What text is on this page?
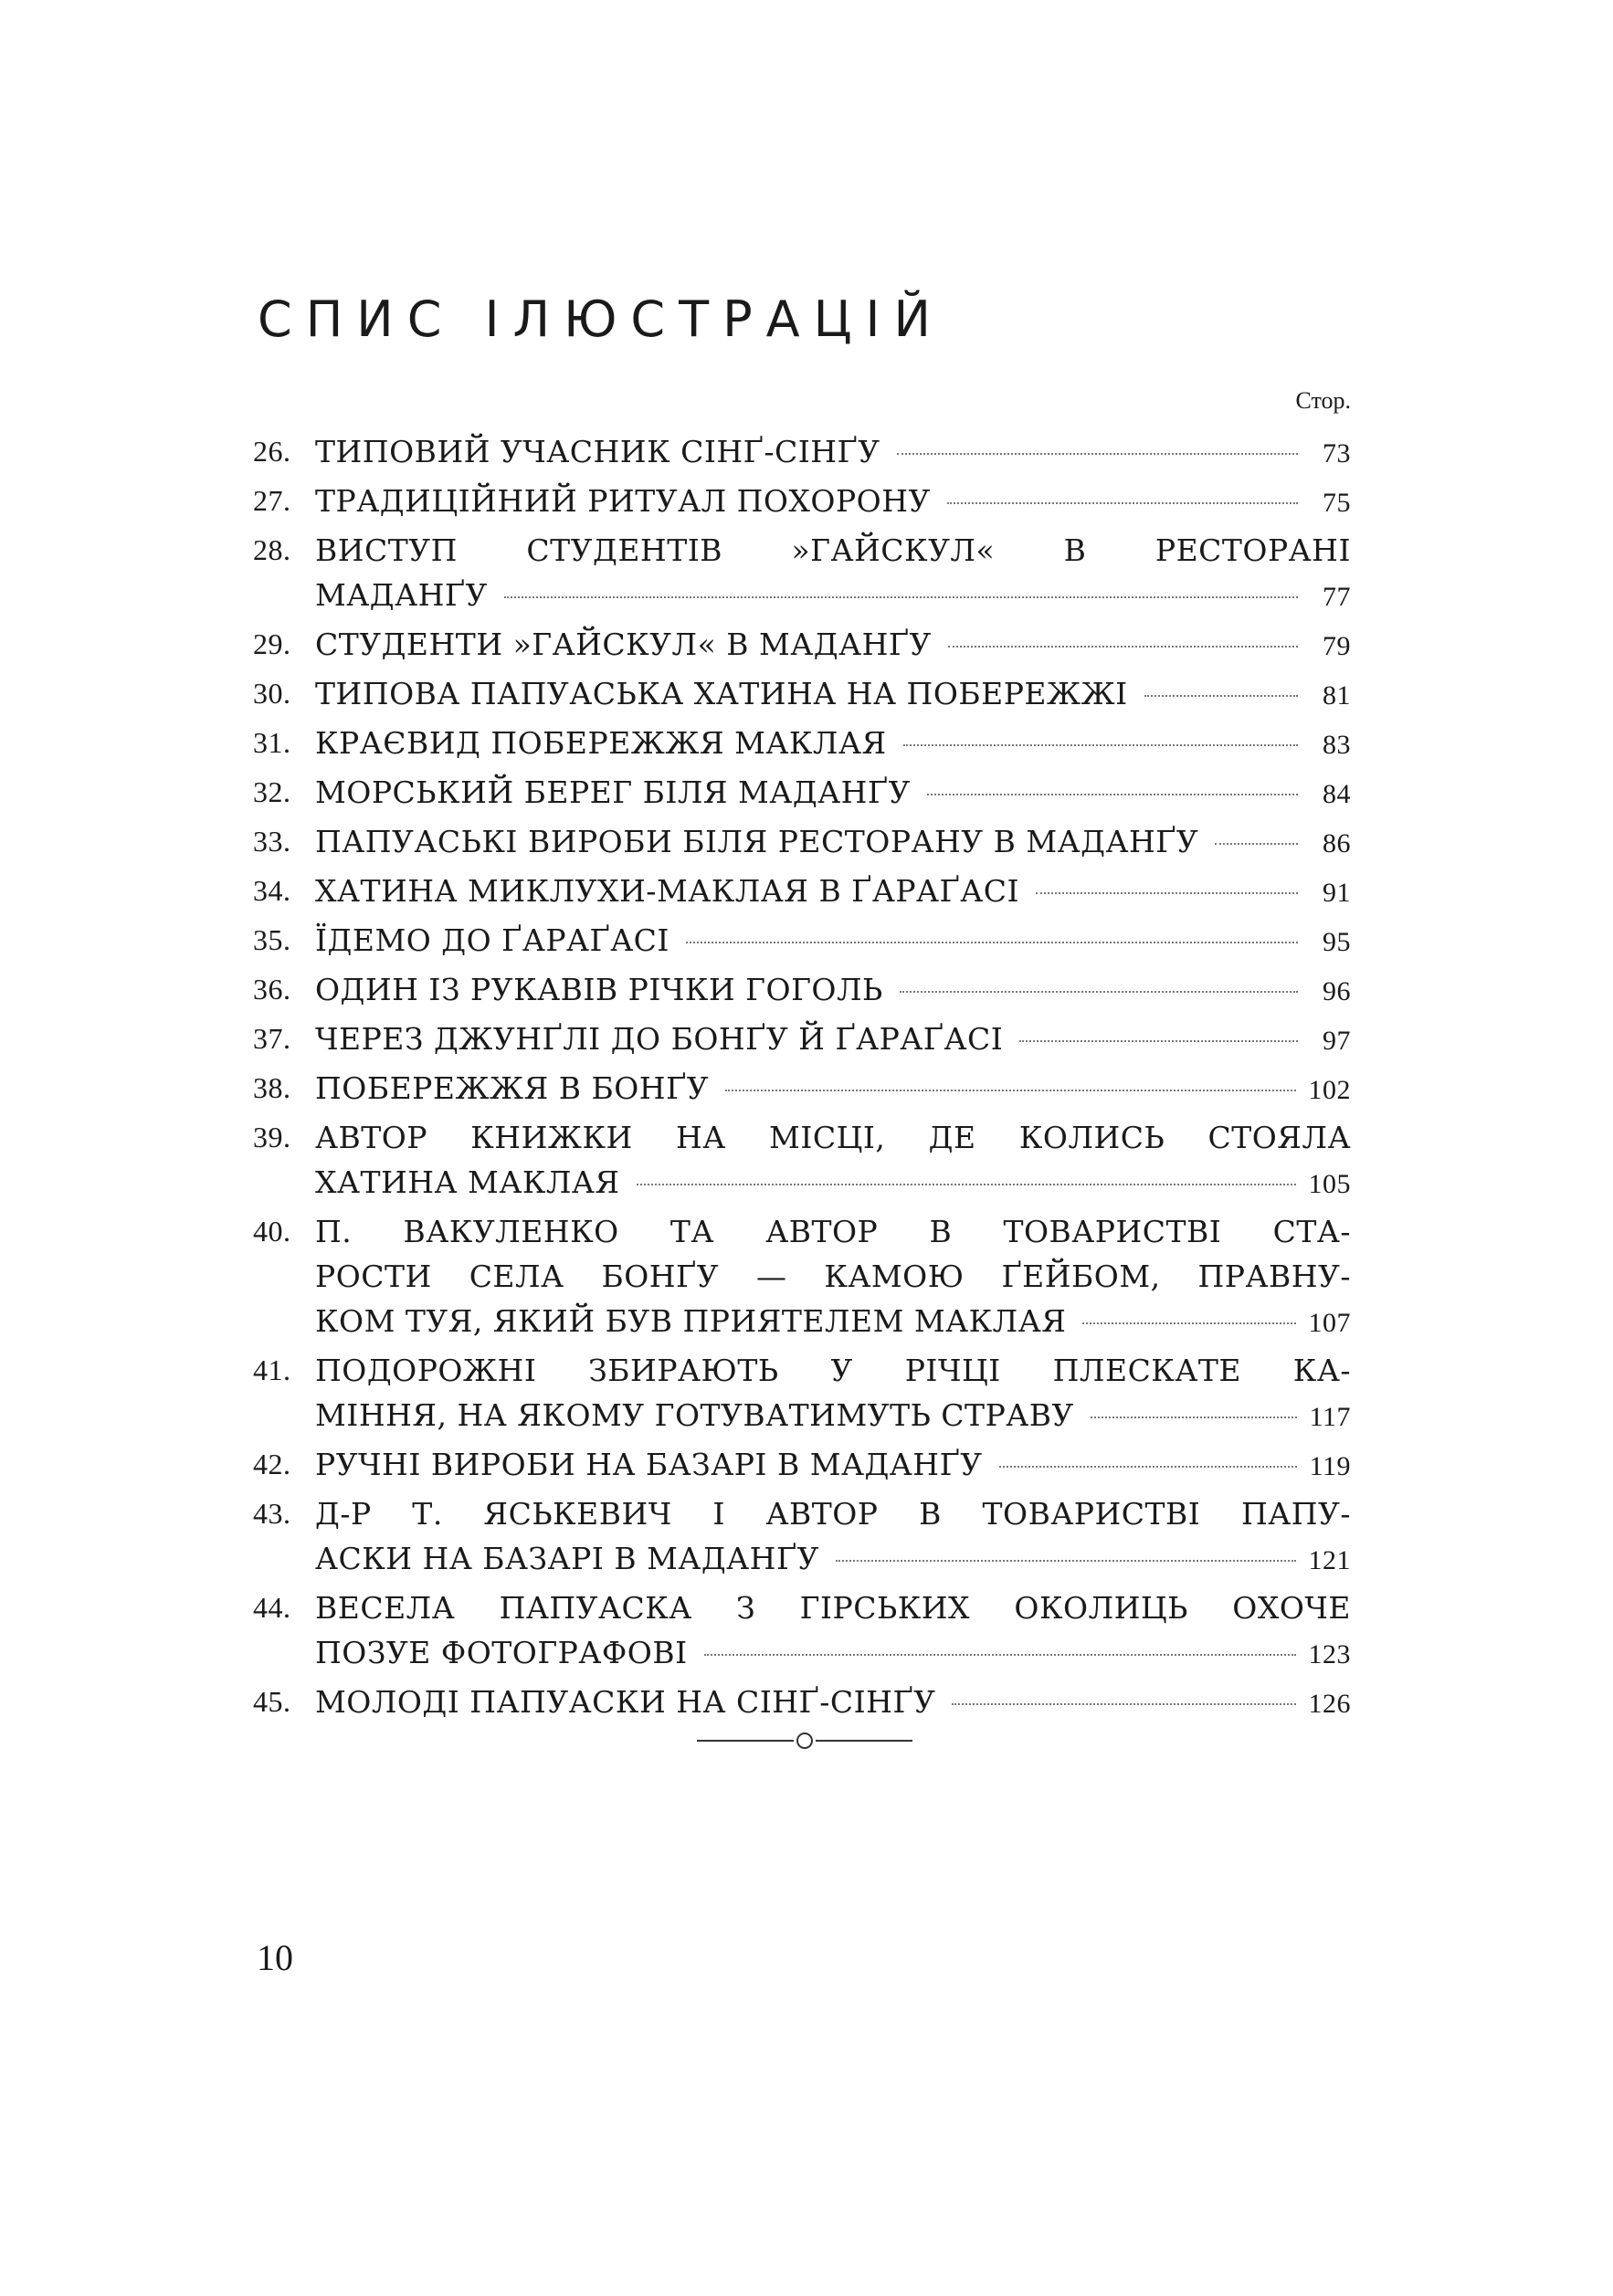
СПИС ІЛЮСТРАЦІЙ
Стор.
26. ТИПОВИЙ УЧАСНИК СІНҐ-СІНҐУ	73
27. ТРАДИЦІЙНИЙ РИТУАЛ ПОХОРОНУ	75
28. ВИСТУП СТУДЕНТІВ »ГАЙСКУЛ« В РЕСТОРАНІ
МАДАНҐУ	77
29. СТУДЕНТИ »ГАЙСКУЛ« В МАДАНҐУ	79
30. ТИПОВА ПАПУАСЬКА ХАТИНА НА ПОБЕРЕЖЖІ	81
31. КРАЄВИД ПОБЕРЕЖЖЯ МАКЛАЯ	83
32. МОРСЬКИЙ БЕРЕГ БІЛЯ МАДАНҐУ	84
33. ПАПУАСЬКІ ВИРОБИ БІЛЯ РЕСТОРАНУ В МАДАНҐУ	86
34. ХАТИНА МИКЛУХИ-МАКЛАЯ В ҐАРАҐАСІ	91
35. ЇДЕМО ДО ҐАРАҐАСІ	95
36. ОДИН ІЗ РУКАВІВ РІЧКИ ГОГОЛЬ	96
37. ЧЕРЕЗ ДЖУНҐЛІ ДО БОНҐУ Й ҐАРАҐАСІ	97
38. ПОБЕРЕЖЖЯ В БОНҐУ	102
39. АВТОР КНИЖКИ НА МІСЦІ, ДЕ КОЛИСЬ СТОЯЛА
ХАТИНА МАКЛАЯ	105
40. П. ВАКУЛЕНКО ТА АВТОР В ТОВАРИСТВІ СТА-
РОСТИ СЕЛА БОНҐУ — КАМОЮ ҐЕЙБОМ, ПРАВНУ-
КОМ ТУЯ, ЯКИЙ БУВ ПРИЯТЕЛЕМ МАКЛАЯ	107
41. ПОДОРОЖНІ ЗБИРАЮТЬ У РІЧЦІ ПЛЕСКАТЕ КА-
МІННЯ, НА ЯКОМУ ГОТУВАТИМУТЬ СТРАВУ	117
42. РУЧНІ ВИРОБИ НА БАЗАРІ В МАДАНҐУ	119
43. Д-Р Т. ЯСЬКЕВИЧ І АВТОР В ТОВАРИСТВІ ПАПУ-
АСКИ НА БАЗАРІ В МАДАНҐУ	121
44. ВЕСЕЛА ПАПУАСКА З ГІРСЬКИХ ОКОЛИЦЬ ОХОЧЕ
ПОЗУЕ ФОТОГРАФОВІ	123
45. МОЛОДІ ПАПУАСКИ НА СІНҐ-СІНҐУ	126
10
